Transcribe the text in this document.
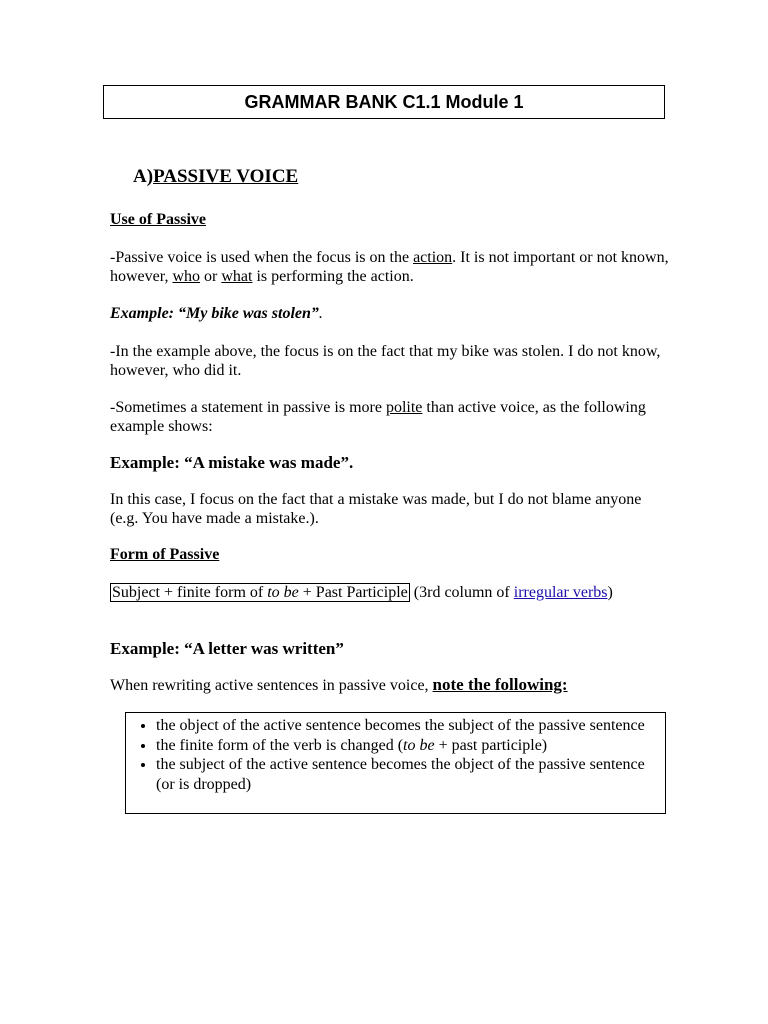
GRAMMAR BANK C1.1 Module 1
A)PASSIVE VOICE
Use of Passive
-Passive voice is used when the focus is on the action. It is not important or not known, however, who or what is performing the action.
Example: “My bike was stolen”.
-In the example above, the focus is on the fact that my bike was stolen. I do not know, however, who did it.
-Sometimes a statement in passive is more polite than active voice, as the following example shows:
Example: “A mistake was made”.
In this case, I focus on the fact that a mistake was made, but I do not blame anyone (e.g. You have made a mistake.).
Form of Passive
Subject + finite form of to be + Past Participle (3rd column of irregular verbs)
Example: “A letter was written”
When rewriting active sentences in passive voice, note the following:
• the object of the active sentence becomes the subject of the passive sentence
• the finite form of the verb is changed (to be + past participle)
• the subject of the active sentence becomes the object of the passive sentence (or is dropped)
